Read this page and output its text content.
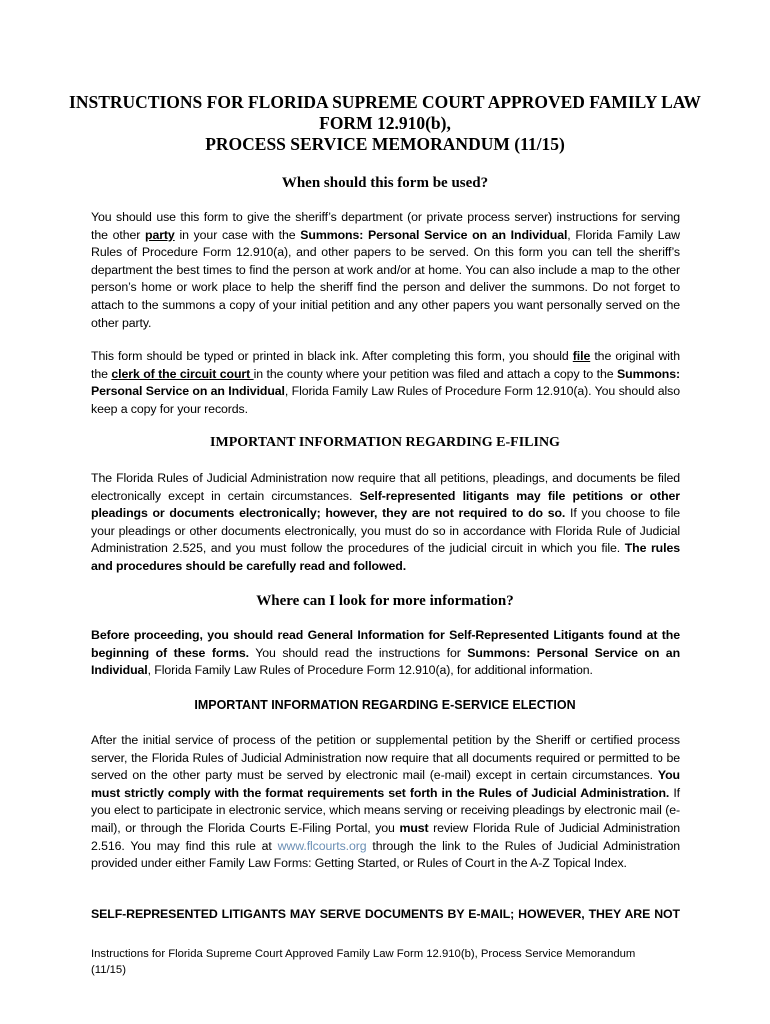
INSTRUCTIONS FOR FLORIDA SUPREME COURT APPROVED FAMILY LAW
FORM 12.910(b),
PROCESS SERVICE MEMORANDUM (11/15)
When should this form be used?
You should use this form to give the sheriff’s department (or private process server) instructions for serving the other party in your case with the Summons: Personal Service on an Individual, Florida Family Law Rules of Procedure Form 12.910(a), and other papers to be served. On this form you can tell the sheriff’s department the best times to find the person at work and/or at home. You can also include a map to the other person’s home or work place to help the sheriff find the person and deliver the summons. Do not forget to attach to the summons a copy of your initial petition and any other papers you want personally served on the other party.
This form should be typed or printed in black ink. After completing this form, you should file the original with the clerk of the circuit court in the county where your petition was filed and attach a copy to the Summons: Personal Service on an Individual, Florida Family Law Rules of Procedure Form 12.910(a). You should also keep a copy for your records.
IMPORTANT INFORMATION REGARDING E-FILING
The Florida Rules of Judicial Administration now require that all petitions, pleadings, and documents be filed electronically except in certain circumstances. Self-represented litigants may file petitions or other pleadings or documents electronically; however, they are not required to do so. If you choose to file your pleadings or other documents electronically, you must do so in accordance with Florida Rule of Judicial Administration 2.525, and you must follow the procedures of the judicial circuit in which you file. The rules and procedures should be carefully read and followed.
Where can I look for more information?
Before proceeding, you should read General Information for Self-Represented Litigants found at the beginning of these forms. You should read the instructions for Summons: Personal Service on an Individual, Florida Family Law Rules of Procedure Form 12.910(a), for additional information.
IMPORTANT INFORMATION REGARDING E-SERVICE ELECTION
After the initial service of process of the petition or supplemental petition by the Sheriff or certified process server, the Florida Rules of Judicial Administration now require that all documents required or permitted to be served on the other party must be served by electronic mail (e-mail) except in certain circumstances. You must strictly comply with the format requirements set forth in the Rules of Judicial Administration. If you elect to participate in electronic service, which means serving or receiving pleadings by electronic mail (e-mail), or through the Florida Courts E-Filing Portal, you must review Florida Rule of Judicial Administration 2.516. You may find this rule at www.flcourts.org through the link to the Rules of Judicial Administration provided under either Family Law Forms: Getting Started, or Rules of Court in the A-Z Topical Index.
SELF-REPRESENTED LITIGANTS MAY SERVE DOCUMENTS BY E-MAIL; HOWEVER, THEY ARE NOT
Instructions for Florida Supreme Court Approved Family Law Form 12.910(b), Process Service Memorandum
(11/15)
